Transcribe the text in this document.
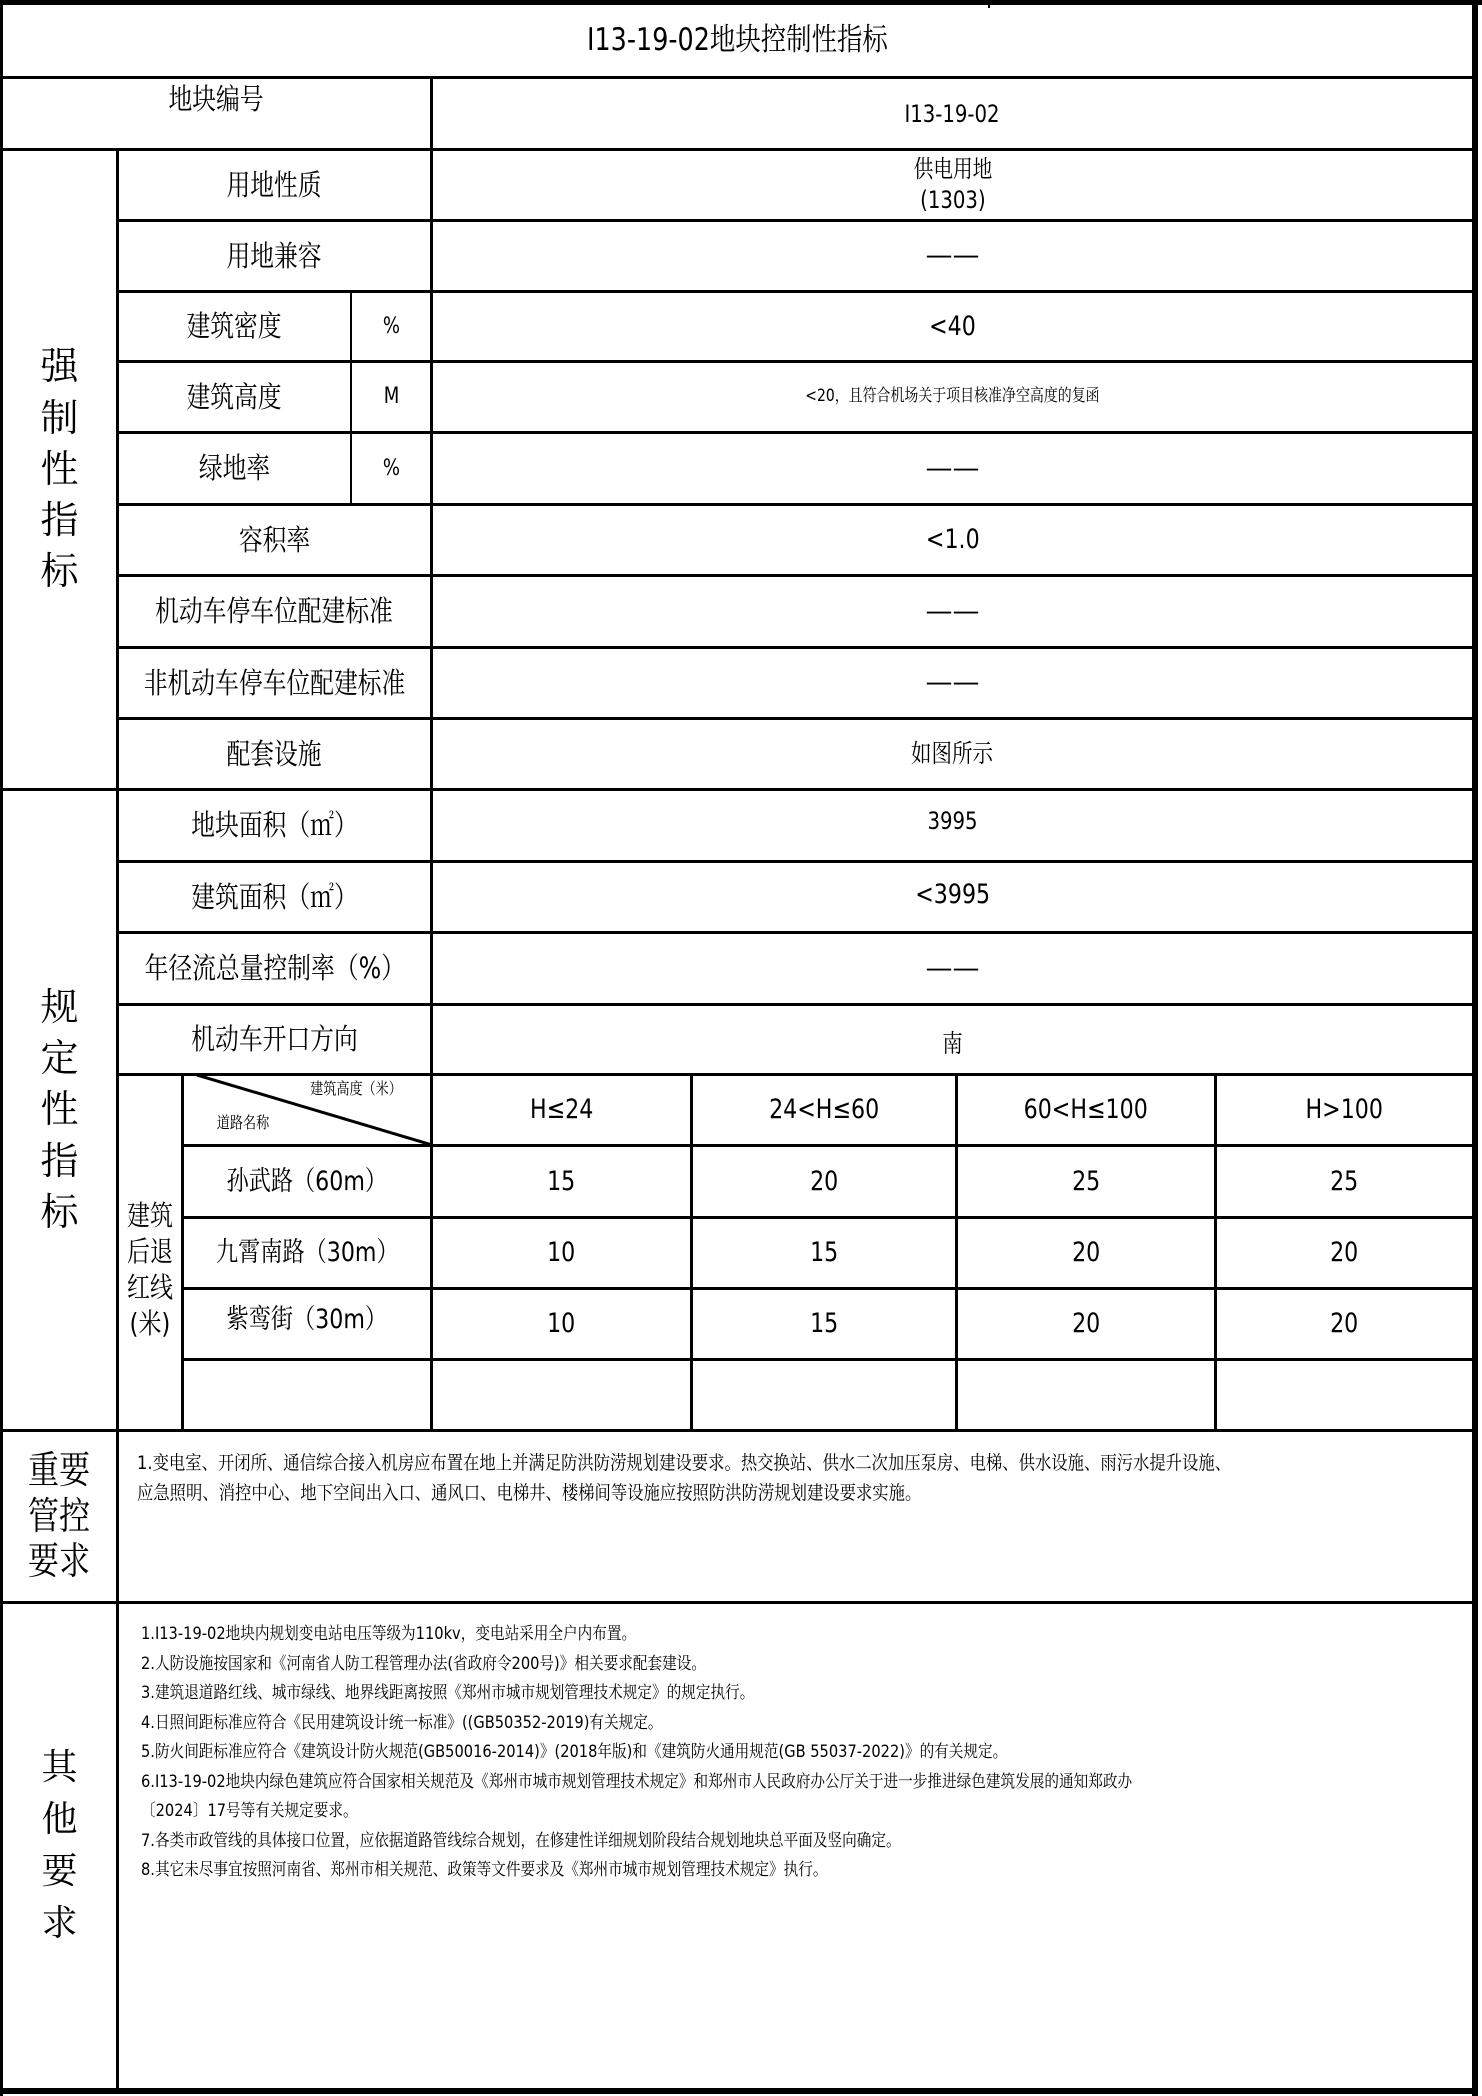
I13-19-02地块控制性指标
地块编号	I13-19-02
强
制
性
指
标
用地性质	供电用地
(1303)
用地兼容	——
建筑密度	%	<40
建筑高度	M	<20，且符合机场关于项目核准净空高度的复函
绿地率	%	——
容积率	<1.0
机动车停车位配建标准	——
非机动车停车位配建标准	——
配套设施	如图所示
规
定
性
指
标
地块面积（㎡）	3995
建筑面积（㎡）	<3995
年径流总量控制率（%）	——
机动车开口方向	南
建筑
后退
红线
(米)
建筑高度（米）
道路名称	H≤24	24<H≤60	60<H≤100	H>100
孙武路（60m）	15	20	25	25
九霄南路（30m）	10	15	20	20
紫鸾街（30m）	10	15	20	20
重要
管控
要求
1.变电室、开闭所、通信综合接入机房应布置在地上并满足防洪防涝规划建设要求。热交换站、供水二次加压泵房、电梯、供水设施、雨污水提升设施、
应急照明、消控中心、地下空间出入口、通风口、电梯井、楼梯间等设施应按照防洪防涝规划建设要求实施。
其
他
要
求
1.I13-19-02地块内规划变电站电压等级为110kv，变电站采用全户内布置。
2.人防设施按国家和《河南省人防工程管理办法(省政府令200号)》相关要求配套建设。
3.建筑退道路红线、城市绿线、地界线距离按照《郑州市城市规划管理技术规定》的规定执行。
4.日照间距标准应符合《民用建筑设计统一标准》((GB50352-2019)有关规定。
5.防火间距标准应符合《建筑设计防火规范(GB50016-2014)》(2018年版)和《建筑防火通用规范(GB 55037-2022)》的有关规定。
6.I13-19-02地块内绿色建筑应符合国家相关规范及《郑州市城市规划管理技术规定》和郑州市人民政府办公厅关于进一步推进绿色建筑发展的通知郑政办
〔2024〕17号等有关规定要求。
7.各类市政管线的具体接口位置，应依据道路管线综合规划，在修建性详细规划阶段结合规划地块总平面及竖向确定。
8.其它未尽事宜按照河南省、郑州市相关规范、政策等文件要求及《郑州市城市规划管理技术规定》执行。
